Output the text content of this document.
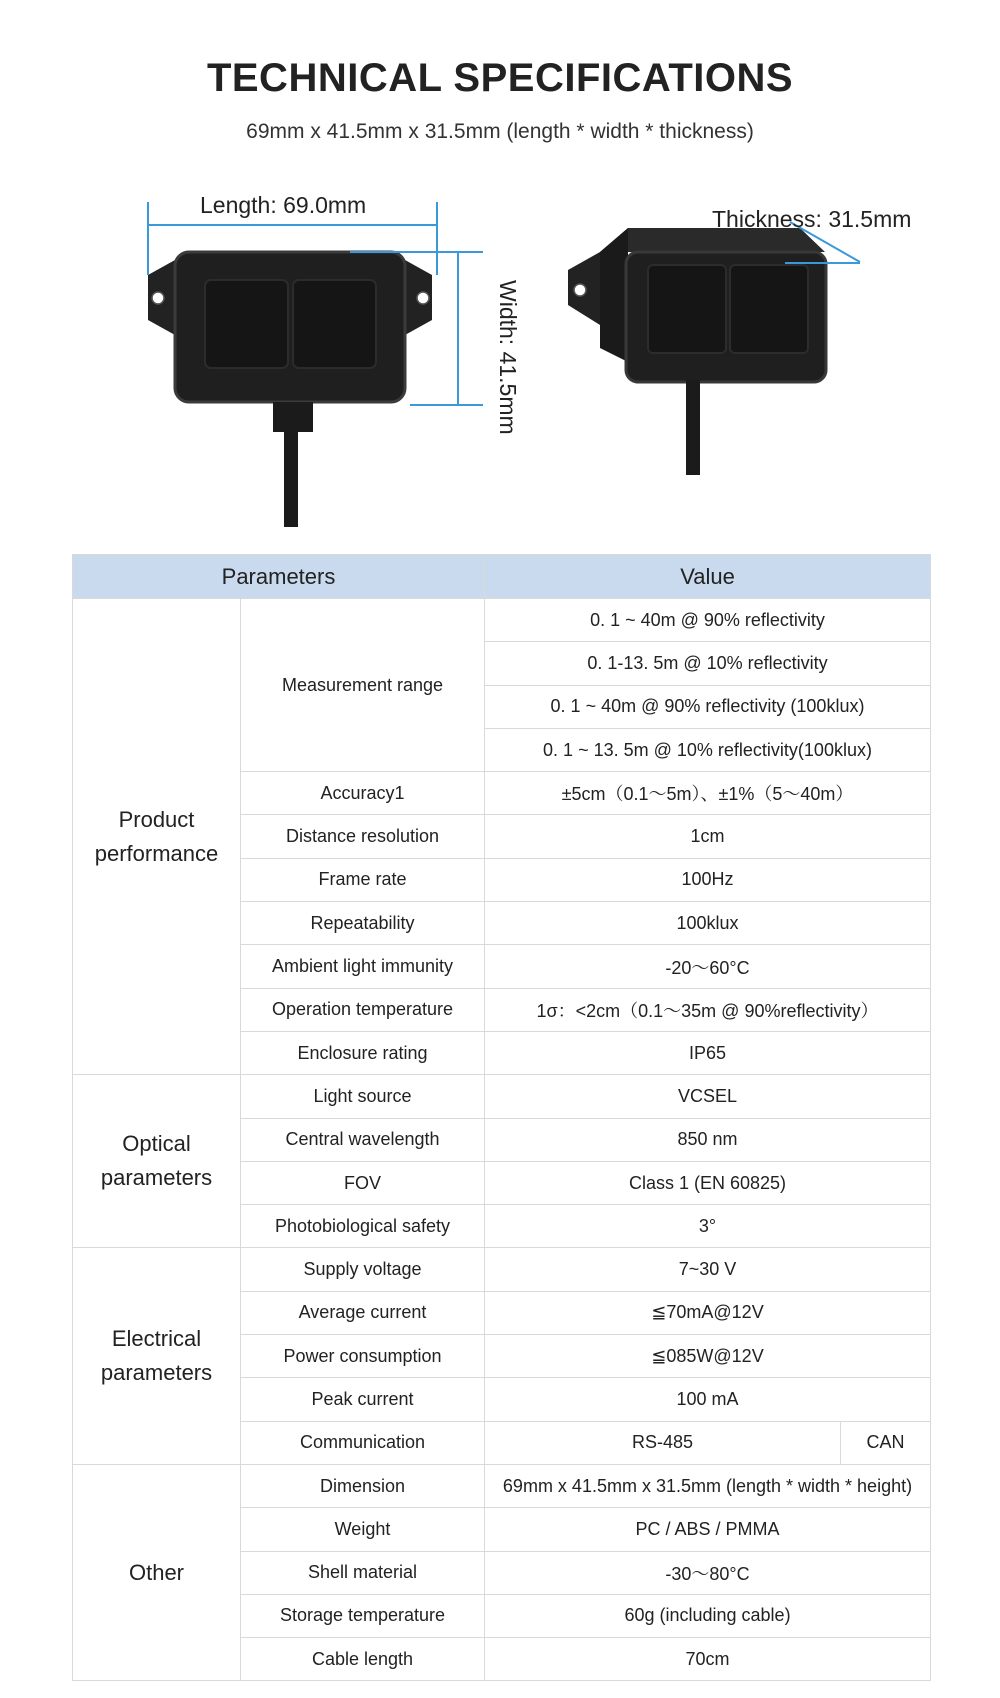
TECHNICAL SPECIFICATIONS
69mm x 41.5mm x 31.5mm (length * width * thickness)
Length: 69.0mm
Thickness: 31.5mm
Width: 41.5mm
Parameters		Value	
Product performance	Measurement range	0. 1 ~ 40m @ 90% reflectivity	
		0. 1-13. 5m @ 10% reflectivity	
		0. 1 ~ 40m @ 90% reflectivity (100klux)	
		0. 1 ~ 13. 5m @ 10% reflectivity(100klux)	
	Accuracy1	±5cm（0.1～5m）、±1%（5～40m）	
	Distance resolution	1cm	
	Frame rate	100Hz	
	Repeatability	100klux	
	Ambient light immunity	-20～60°C	
	Operation temperature	1σ：<2cm（0.1～35m @ 90%reflectivity）	
	Enclosure rating	IP65	
Optical parameters	Light source	VCSEL	
	Central wavelength	850 nm	
	FOV	Class 1 (EN 60825)	
	Photobiological safety	3°	
Electrical parameters	Supply voltage	7~30 V	
	Average current	≦70mA@12V	
	Power consumption	≦085W@12V	
	Peak current	100 mA	
	Communication	RS-485	CAN
Other	Dimension	69mm x 41.5mm x 31.5mm (length * width * height)	
	Weight	PC / ABS / PMMA	
	Shell material	-30～80°C	
	Storage temperature	60g (including cable)	
	Cable length	70cm	
